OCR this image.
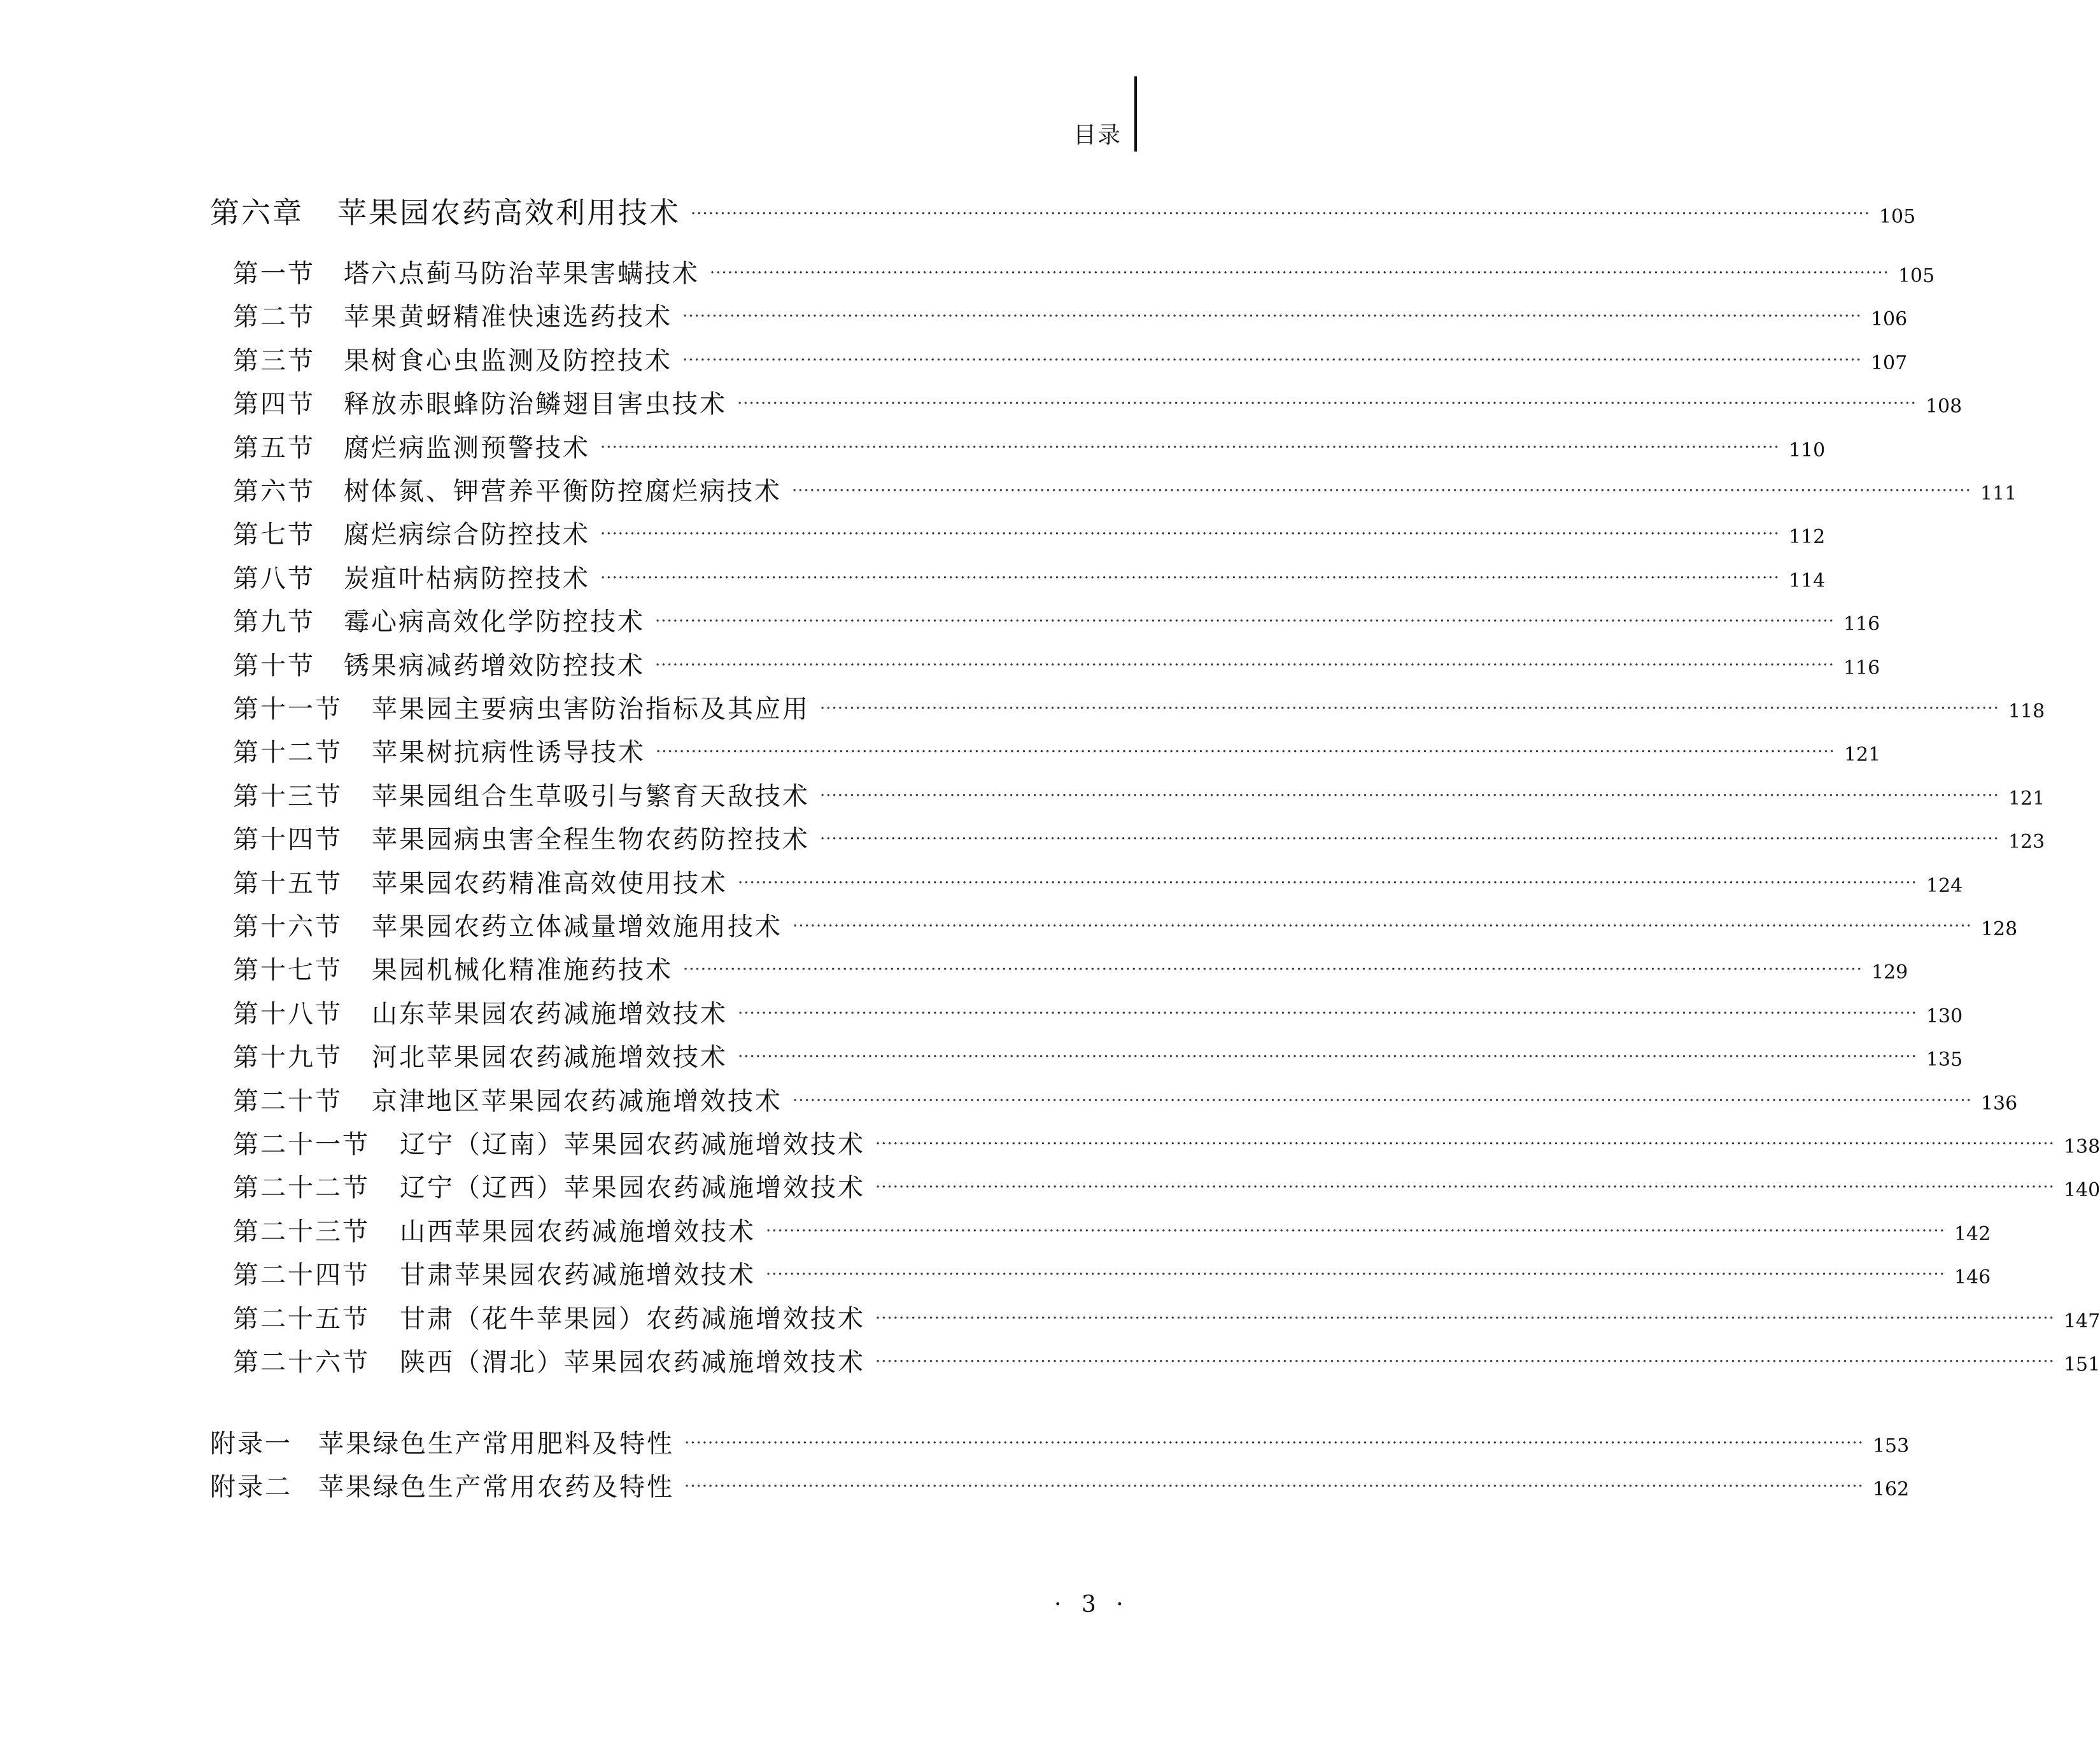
目录
第六章	苹果园农药高效利用技术 ········································································································································································································ 105
第一节	塔六点蓟马防治苹果害螨技术 ········································································································································································································ 105
第二节	苹果黄蚜精准快速选药技术 ········································································································································································································ 106
第三节	果树食心虫监测及防控技术 ········································································································································································································ 107
第四节	释放赤眼蜂防治鳞翅目害虫技术 ········································································································································································································ 108
第五节	腐烂病监测预警技术 ········································································································································································································ 110
第六节	树体氮、钾营养平衡防控腐烂病技术 ········································································································································································································ 111
第七节	腐烂病综合防控技术 ········································································································································································································ 112
第八节	炭疽叶枯病防控技术 ········································································································································································································ 114
第九节	霉心病高效化学防控技术 ········································································································································································································ 116
第十节	锈果病减药增效防控技术 ········································································································································································································ 116
第十一节	苹果园主要病虫害防治指标及其应用 ········································································································································································································ 118
第十二节	苹果树抗病性诱导技术 ········································································································································································································ 121
第十三节	苹果园组合生草吸引与繁育天敌技术 ········································································································································································································ 121
第十四节	苹果园病虫害全程生物农药防控技术 ········································································································································································································ 123
第十五节	苹果园农药精准高效使用技术 ········································································································································································································ 124
第十六节	苹果园农药立体减量增效施用技术 ········································································································································································································ 128
第十七节	果园机械化精准施药技术 ········································································································································································································ 129
第十八节	山东苹果园农药减施增效技术 ········································································································································································································ 130
第十九节	河北苹果园农药减施增效技术 ········································································································································································································ 135
第二十节	京津地区苹果园农药减施增效技术 ········································································································································································································ 136
第二十一节	辽宁（辽南）苹果园农药减施增效技术 ········································································································································································································ 138
第二十二节	辽宁（辽西）苹果园农药减施增效技术 ········································································································································································································ 140
第二十三节	山西苹果园农药减施增效技术 ········································································································································································································ 142
第二十四节	甘肃苹果园农药减施增效技术 ········································································································································································································ 146
第二十五节	甘肃（花牛苹果园）农药减施增效技术 ········································································································································································································ 147
第二十六节	陕西（渭北）苹果园农药减施增效技术 ········································································································································································································ 151
附录一	苹果绿色生产常用肥料及特性 ········································································································································································································ 153
附录二	苹果绿色生产常用农药及特性 ········································································································································································································ 162
· 3 ·
